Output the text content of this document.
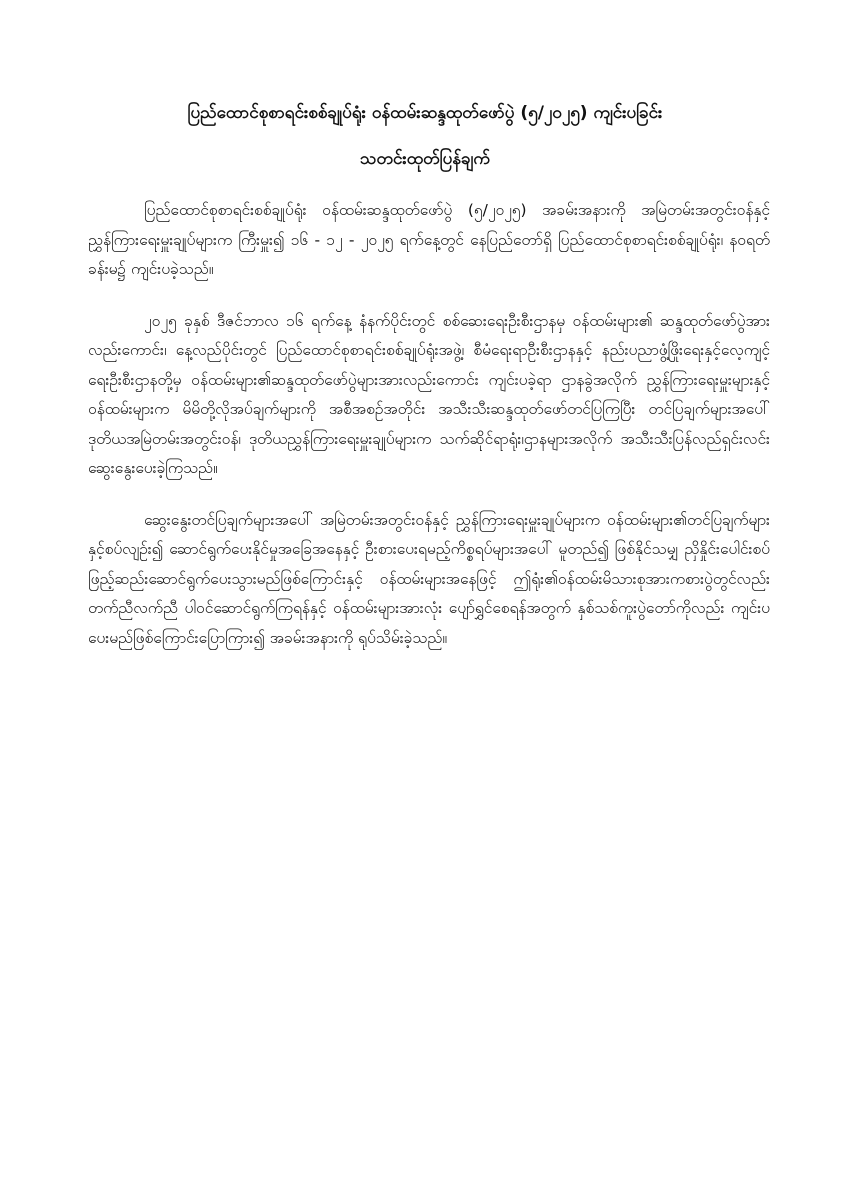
ပြည်ထောင်စုစာရင်းစစ်ချုပ်ရုံး ဝန်ထမ်းဆန္ဒထုတ်ဖော်ပွဲ (၅/၂၀၂၅) ကျင်းပခြင်း
သတင်းထုတ်ပြန်ချက်

ပြည်ထောင်စုစာရင်းစစ်ချုပ်ရုံး ဝန်ထမ်းဆန္ဒထုတ်ဖော်ပွဲ (၅/၂၀၂၅) အခမ်းအနားကို အမြဲတမ်းအတွင်းဝန်နှင့် ညွှန်ကြားရေးမှူးချုပ်များက ကြီးမှူး၍ ၁၆ - ၁၂ - ၂၀၂၅ ရက်နေ့တွင် နေပြည်တော်ရှိ ပြည်ထောင်စုစာရင်းစစ်ချုပ်ရုံး၊ နဝရတ်ခန်းမ၌ ကျင်းပခဲ့သည်။

၂၀၂၅ ခုနှစ် ဒီဇင်ဘာလ ၁၆ ရက်နေ့ နံနက်ပိုင်းတွင် စစ်ဆေးရေးဦးစီးဌာနမှ ဝန်ထမ်းများ၏ ဆန္ဒထုတ်ဖော်ပွဲအားလည်းကောင်း၊ နေ့လည်ပိုင်းတွင် ပြည်ထောင်စုစာရင်းစစ်ချုပ်ရုံးအဖွဲ့၊ စီမံရေးရာဦးစီးဌာနနှင့် နည်းပညာဖွံ့ဖြိုးရေးနှင့်လေ့ကျင့်ရေးဦးစီးဌာနတို့မှ ဝန်ထမ်းများ၏ဆန္ဒထုတ်ဖော်ပွဲများအားလည်းကောင်း ကျင်းပခဲ့ရာ ဌာနခွဲအလိုက် ညွှန်ကြားရေးမှူးများနှင့်ဝန်ထမ်းများက မိမိတို့လိုအပ်ချက်များကို အစီအစဉ်အတိုင်း အသီးသီးဆန္ဒထုတ်ဖော်တင်ပြကြပြီး တင်ပြချက်များအပေါ် ဒုတိယအမြဲတမ်းအတွင်းဝန်၊ ဒုတိယညွှန်ကြားရေးမှူးချုပ်များက သက်ဆိုင်ရာရုံး၊ဌာနများအလိုက် အသီးသီးပြန်လည်ရှင်းလင်း ဆွေးနွေးပေးခဲ့ကြသည်။

ဆွေးနွေးတင်ပြချက်များအပေါ် အမြဲတမ်းအတွင်းဝန်နှင့် ညွှန်ကြားရေးမှူးချုပ်များက ဝန်ထမ်းများ၏တင်ပြချက်များနှင့်စပ်လျဉ်း၍ ဆောင်ရွက်ပေးနိုင်မှုအခြေအနေနှင့် ဦးစားပေးရမည့်ကိစ္စရပ်များအပေါ် မူတည်၍ ဖြစ်နိုင်သမျှ ညှိနှိုင်းပေါင်းစပ် ဖြည့်ဆည်းဆောင်ရွက်ပေးသွားမည်ဖြစ်ကြောင်းနှင့် ဝန်ထမ်းများအနေဖြင့် ဤရုံး၏ဝန်ထမ်းမိသားစုအားကစားပွဲတွင်လည်း တက်ညီလက်ညီ ပါဝင်ဆောင်ရွက်ကြရန်နှင့် ဝန်ထမ်းများအားလုံး ပျော်ရွှင်စေရန်အတွက် နှစ်သစ်ကူးပွဲတော်ကိုလည်း ကျင်းပပေးမည်ဖြစ်ကြောင်းပြောကြား၍ အခမ်းအနားကို ရုပ်သိမ်းခဲ့သည်။
